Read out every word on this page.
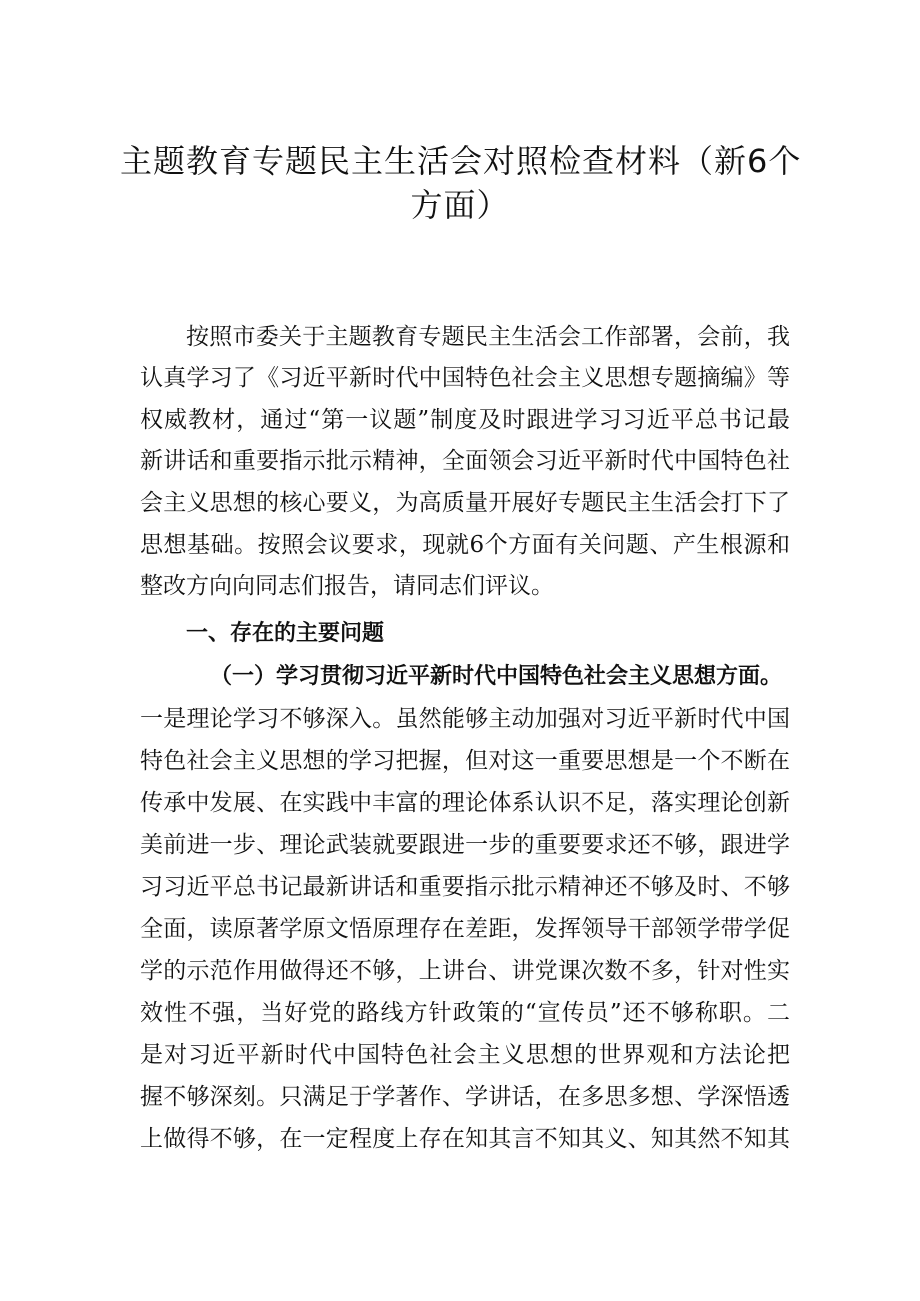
主题教育专题民主生活会对照检查材料（新6个
方面）
按照市委关于主题教育专题民主生活会工作部署，会前，我
认真学习了《习近平新时代中国特色社会主义思想专题摘编》等
权威教材，通过“第一议题”制度及时跟进学习习近平总书记最
新讲话和重要指示批示精神，全面领会习近平新时代中国特色社
会主义思想的核心要义，为高质量开展好专题民主生活会打下了
思想基础。按照会议要求，现就6个方面有关问题、产生根源和
整改方向向同志们报告，请同志们评议。
一、存在的主要问题
（一）学习贯彻习近平新时代中国特色社会主义思想方面。
一是理论学习不够深入。虽然能够主动加强对习近平新时代中国
特色社会主义思想的学习把握，但对这一重要思想是一个不断在
传承中发展、在实践中丰富的理论体系认识不足，落实理论创新
美前进一步、理论武装就要跟进一步的重要要求还不够，跟进学
习习近平总书记最新讲话和重要指示批示精神还不够及时、不够
全面，读原著学原文悟原理存在差距，发挥领导干部领学带学促
学的示范作用做得还不够，上讲台、讲党课次数不多，针对性实
效性不强，当好党的路线方针政策的“宣传员”还不够称职。二
是对习近平新时代中国特色社会主义思想的世界观和方法论把
握不够深刻。只满足于学著作、学讲话，在多思多想、学深悟透
上做得不够，在一定程度上存在知其言不知其义、知其然不知其
